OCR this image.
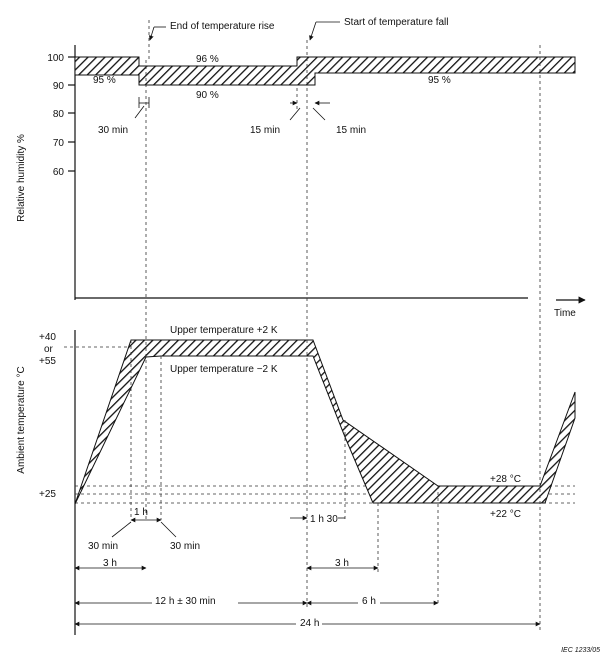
100
90
80
70
60
Relative humidity %
95 %
96 %
90 %
95 %
End of temperature rise	Start of temperature fall
30 min	15 min	15 min
Time
Ambient temperature °C
+40
or
+55
+25
Upper temperature +2 K
Upper temperature −2 K
+28 °C
+22 °C
1 h
30 min	30 min
1 h 30
3 h	3 h
12 h ± 30 min	6 h
24 h
IEC 1233/05
